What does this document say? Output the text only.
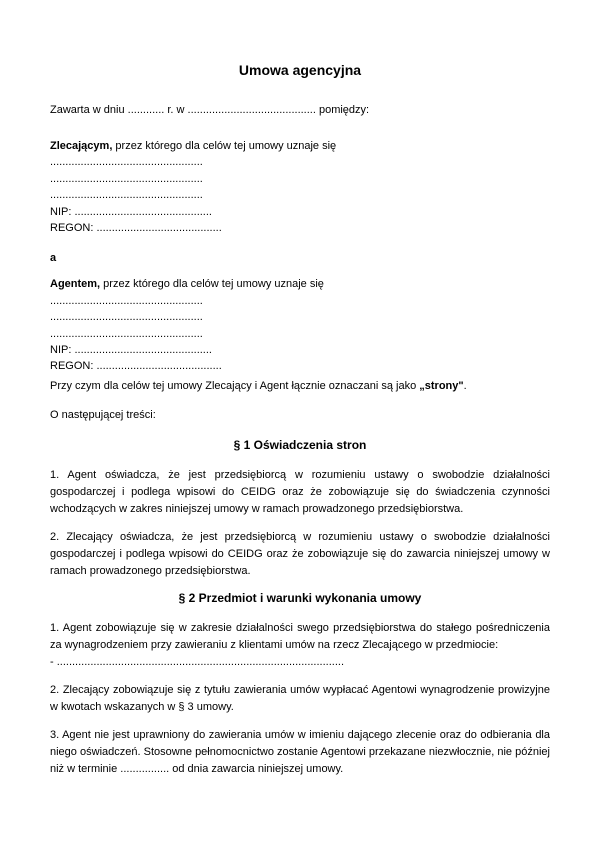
Umowa agencyjna

Zawarta w dniu ............ r. w .......................................... pomiędzy:

Zlecającym, przez którego dla celów tej umowy uznaje się

..................................................

..................................................

..................................................

NIP: .............................................

REGON: .........................................

a

Agentem, przez którego dla celów tej umowy uznaje się

..................................................

..................................................

..................................................

NIP: .............................................

REGON: .........................................

Przy czym dla celów tej umowy Zlecający i Agent łącznie oznaczani są jako „strony".

O następującej treści:

§ 1 Oświadczenia stron

1. Agent oświadcza, że jest przedsiębiorcą w rozumieniu ustawy o swobodzie działalności gospodarczej i podlega wpisowi do CEIDG oraz że zobowiązuje się do świadczenia czynności wchodzących w zakres niniejszej umowy w ramach prowadzonego przedsiębiorstwa.

2. Zlecający oświadcza, że jest przedsiębiorcą w rozumieniu ustawy o swobodzie działalności gospodarczej i podlega wpisowi do CEIDG oraz że zobowiązuje się do zawarcia niniejszej umowy w ramach prowadzonego przedsiębiorstwa.

§ 2 Przedmiot i warunki wykonania umowy

1. Agent zobowiązuje się w zakresie działalności swego przedsiębiorstwa do stałego pośredniczenia za wynagrodzeniem przy zawieraniu z klientami umów na rzecz Zlecającego w przedmiocie:

- ..............................................................................................

2. Zlecający zobowiązuje się z tytułu zawierania umów wypłacać Agentowi wynagrodzenie prowizyjne w kwotach wskazanych w § 3 umowy.

3. Agent nie jest uprawniony do zawierania umów w imieniu dającego zlecenie oraz do odbierania dla niego oświadczeń. Stosowne pełnomocnictwo zostanie Agentowi przekazane niezwłocznie, nie później niż w terminie ................ od dnia zawarcia niniejszej umowy.
